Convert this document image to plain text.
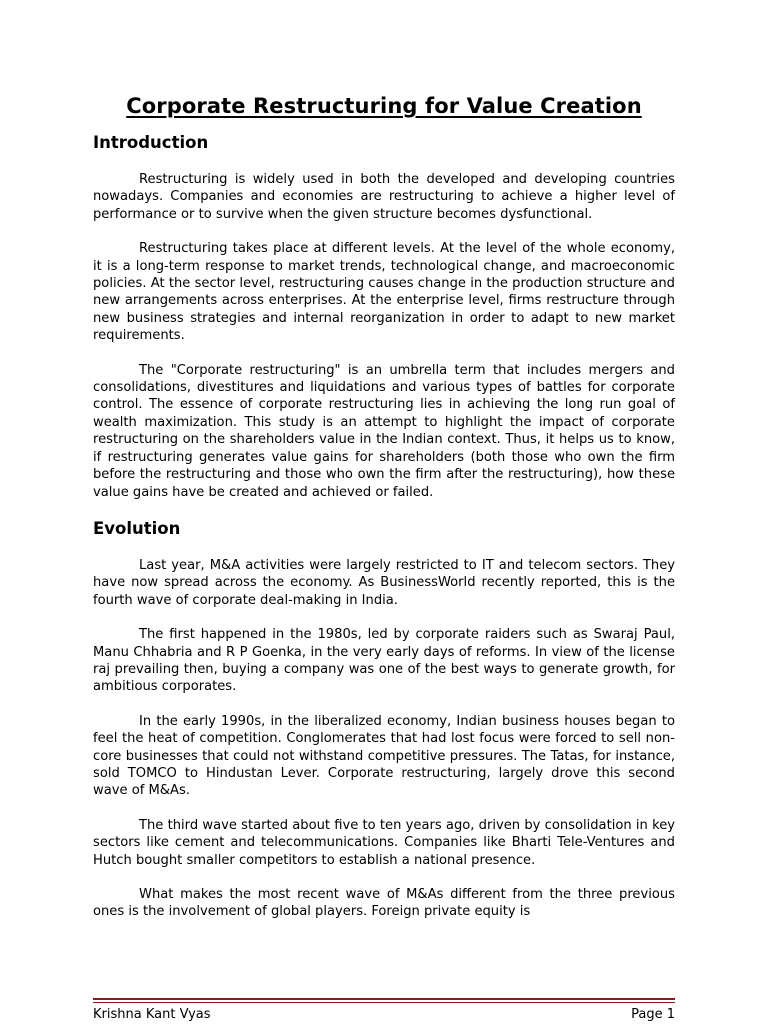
Corporate Restructuring for Value Creation
Introduction

Restructuring is widely used in both the developed and developing countries nowadays. Companies and economies are restructuring to achieve a higher level of performance or to survive when the given structure becomes dysfunctional.

Restructuring takes place at different levels. At the level of the whole economy, it is a long-term response to market trends, technological change, and macroeconomic policies. At the sector level, restructuring causes change in the production structure and new arrangements across enterprises. At the enterprise level, firms restructure through new business strategies and internal reorganization in order to adapt to new market requirements.

The "Corporate restructuring" is an umbrella term that includes mergers and consolidations, divestitures and liquidations and various types of battles for corporate control. The essence of corporate restructuring lies in achieving the long run goal of wealth maximization. This study is an attempt to highlight the impact of corporate restructuring on the shareholders value in the Indian context. Thus, it helps us to know, if restructuring generates value gains for shareholders (both those who own the firm before the restructuring and those who own the firm after the restructuring), how these value gains have be created and achieved or failed.

Evolution

Last year, M&A activities were largely restricted to IT and telecom sectors. They have now spread across the economy. As BusinessWorld recently reported, this is the fourth wave of corporate deal-making in India.

The first happened in the 1980s, led by corporate raiders such as Swaraj Paul, Manu Chhabria and R P Goenka, in the very early days of reforms. In view of the license raj prevailing then, buying a company was one of the best ways to generate growth, for ambitious corporates.

In the early 1990s, in the liberalized economy, Indian business houses began to feel the heat of competition. Conglomerates that had lost focus were forced to sell non-core businesses that could not withstand competitive pressures. The Tatas, for instance, sold TOMCO to Hindustan Lever. Corporate restructuring, largely drove this second wave of M&As.

The third wave started about five to ten years ago, driven by consolidation in key sectors like cement and telecommunications. Companies like Bharti Tele-Ventures and Hutch bought smaller competitors to establish a national presence.

What makes the most recent wave of M&As different from the three previous ones is the involvement of global players. Foreign private equity is

Krishna Kant Vyas	Page 1
